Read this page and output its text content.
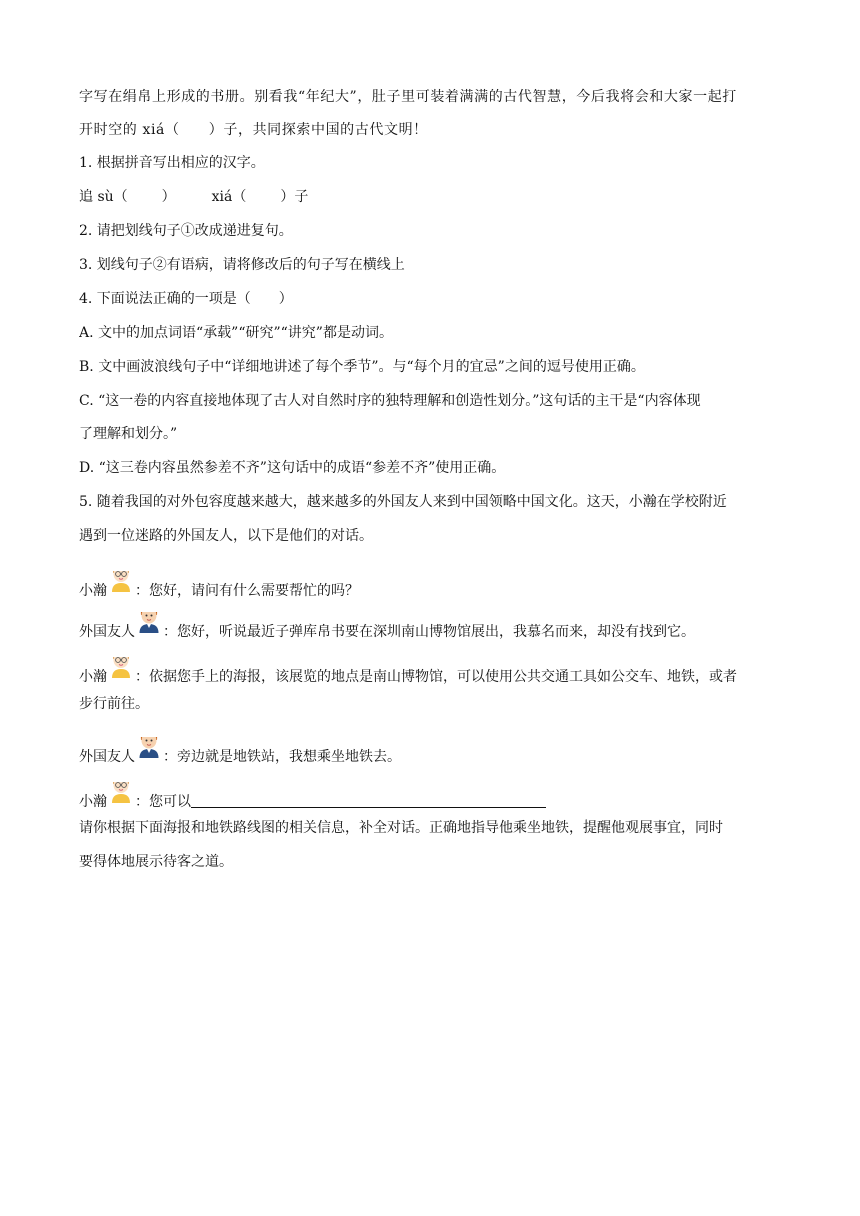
字写在绢帛上形成的书册。别看我“年纪大”，肚子里可装着满满的古代智慧，今后我将会和大家一起打
开时空的 xiá（　　）子，共同探索中国的古代文明！
1. 根据拼音写出相应的汉字。
追 sù（ ）	xiá（ ）子
2. 请把划线句子①改成递进复句。
3. 划线句子②有语病，请将修改后的句子写在横线上
4. 下面说法正确的一项是（　　）
A. 文中的加点词语“承载”“研究”“讲究”都是动词。
B. 文中画波浪线句子中“详细地讲述了每个季节”。与“每个月的宜忌”之间的逗号使用正确。
C. “这一卷的内容直接地体现了古人对自然时序的独特理解和创造性划分。”这句话的主干是“内容体现
了理解和划分。”
D. “这三卷内容虽然参差不齐”这句话中的成语“参差不齐”使用正确。
5. 随着我国的对外包容度越来越大，越来越多的外国友人来到中国领略中国文化。这天，小瀚在学校附近
遇到一位迷路的外国友人，以下是他们的对话。
小瀚 ：您好，请问有什么需要帮忙的吗？
外国友人 ：您好，听说最近子弹库帛书要在深圳南山博物馆展出，我慕名而来，却没有找到它。
小瀚 ：依据您手上的海报，该展览的地点是南山博物馆，可以使用公共交通工具如公交车、地铁，或者
步行前往。
外国友人 ：旁边就是地铁站，我想乘坐地铁去。
小瀚 ：您可以
请你根据下面海报和地铁路线图的相关信息，补全对话。正确地指导他乘坐地铁，提醒他观展事宜，同时
要得体地展示待客之道。
